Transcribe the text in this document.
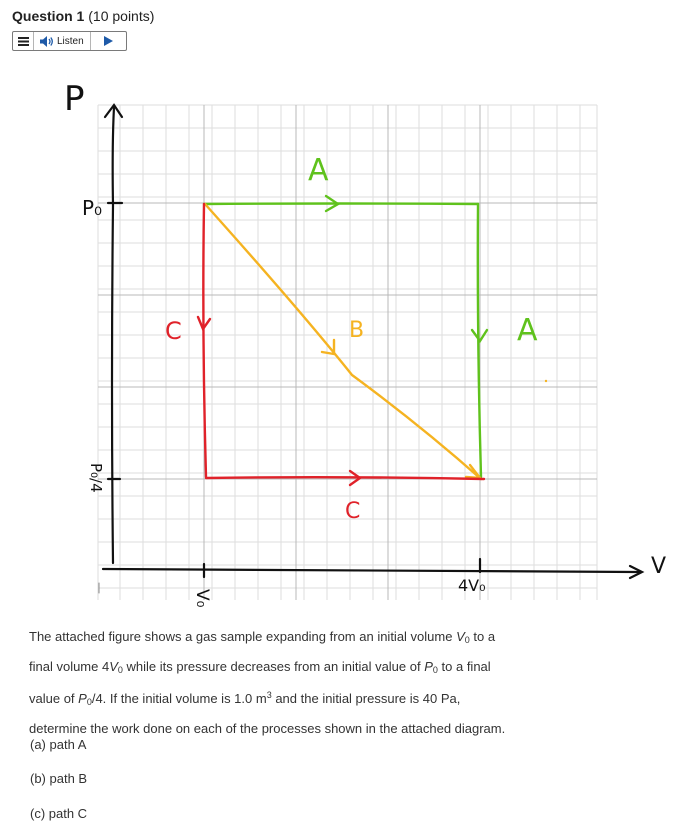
Question 1 (10 points)
Listen
P
V
P₀
P₀/4
V₀
4V₀
A
A
B
C
C
The attached figure shows a gas sample expanding from an initial volume $V_0$ to a
final volume $4V_0$ while its pressure decreases from an initial value of $P_0$ to a final
value of $P_0/4$. If the initial volume is 1.0 $m^3$ and the initial pressure is 40 Pa,
determine the work done on each of the processes shown in the attached diagram.
(a) path A
(b) path B
(c) path C
